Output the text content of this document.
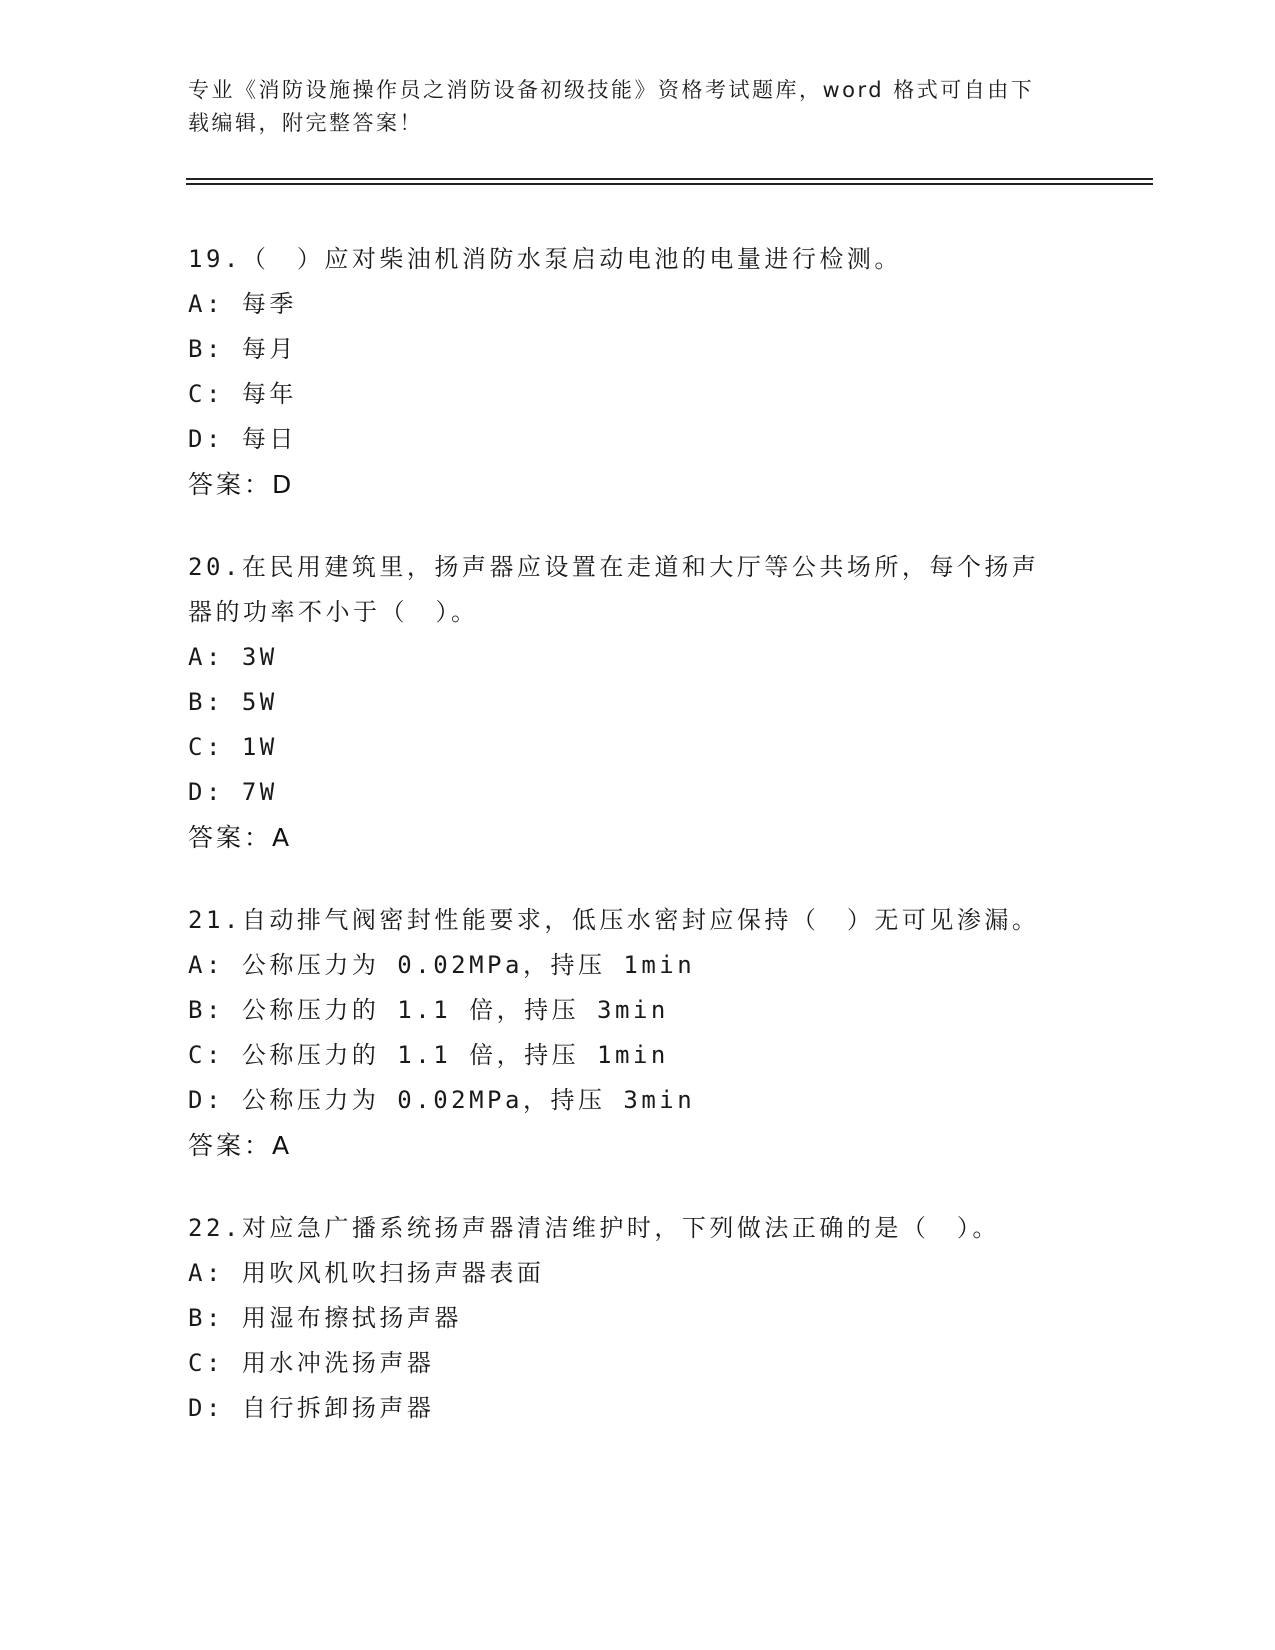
专业《消防设施操作员之消防设备初级技能》资格考试题库，word 格式可自由下
载编辑，附完整答案！
19.（　）应对柴油机消防水泵启动电池的电量进行检测。
A: 每季
B: 每月
C: 每年
D: 每日
答案：D
20.在民用建筑里，扬声器应设置在走道和大厅等公共场所，每个扬声
器的功率不小于（　）。
A: 3W
B: 5W
C: 1W
D: 7W
答案：A
21.自动排气阀密封性能要求，低压水密封应保持（　）无可见渗漏。
A: 公称压力为 0.02MPa，持压 1min
B: 公称压力的 1.1 倍，持压 3min
C: 公称压力的 1.1 倍，持压 1min
D: 公称压力为 0.02MPa，持压 3min
答案：A
22.对应急广播系统扬声器清洁维护时，下列做法正确的是（　）。
A: 用吹风机吹扫扬声器表面
B: 用湿布擦拭扬声器
C: 用水冲洗扬声器
D: 自行拆卸扬声器
